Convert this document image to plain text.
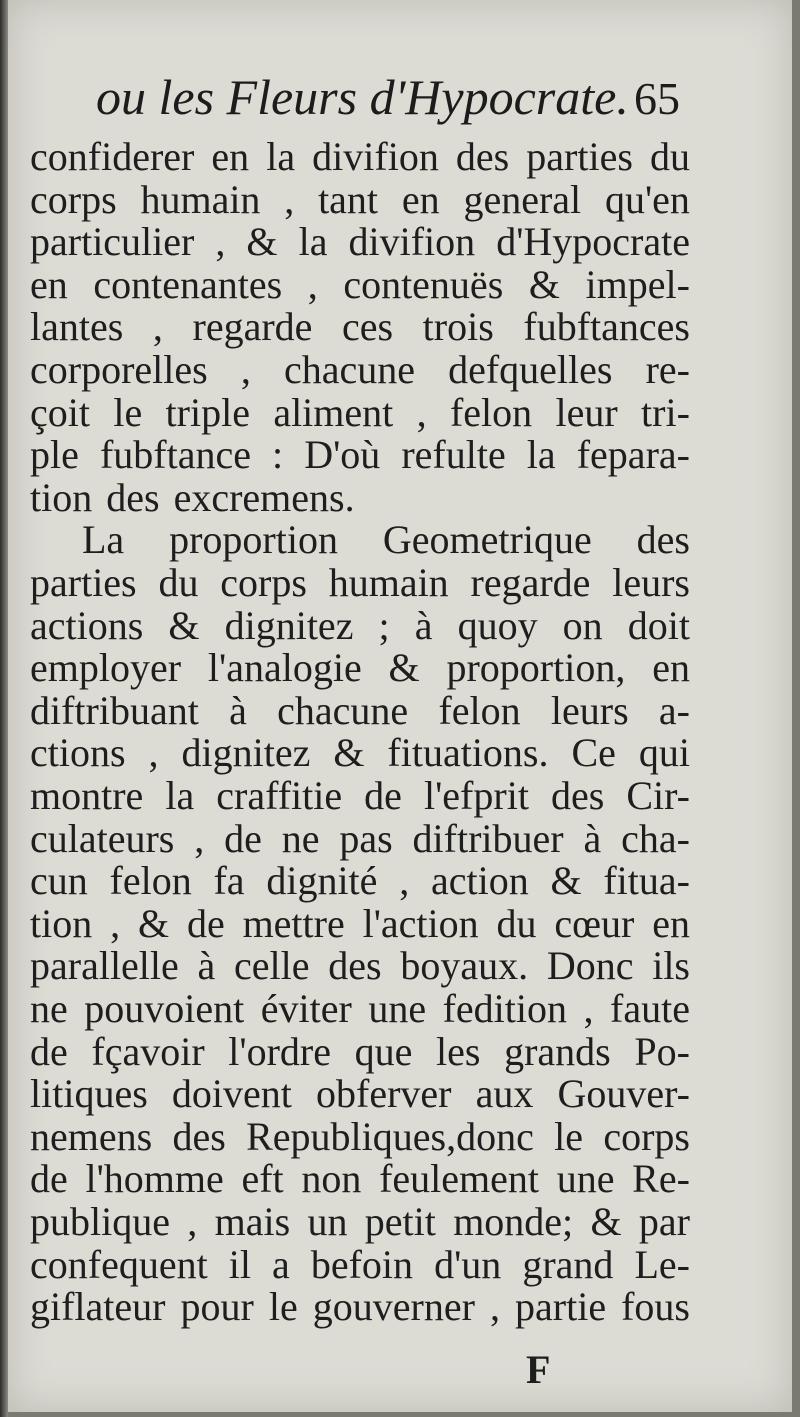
ou les Fleurs d'Hypocrate. 65
confiderer en la divifion des parties du
corps humain , tant en general qu'en
particulier , & la divifion d'Hypocrate
en contenantes , contenuës & impel-
lantes , regarde ces trois fubftances
corporelles , chacune defquelles re-
çoit le triple aliment , felon leur tri-
ple fubftance : D'où refulte la fepara-
tion des excremens.
La proportion Geometrique des
parties du corps humain regarde leurs
actions & dignitez ; à quoy on doit
employer l'analogie & proportion, en
diftribuant à chacune felon leurs a-
ctions , dignitez & fituations. Ce qui
montre la craffitie de l'efprit des Cir-
culateurs , de ne pas diftribuer à cha-
cun felon fa dignité , action & fitua-
tion , & de mettre l'action du cœur en
parallelle à celle des boyaux. Donc ils
ne pouvoient éviter une fedition , faute
de fçavoir l'ordre que les grands Po-
litiques doivent obferver aux Gouver-
nemens des Republiques,donc le corps
de l'homme eft non feulement une Re-
publique , mais un petit monde; & par
confequent il a befoin d'un grand Le-
giflateur pour le gouverner , partie fous
F
